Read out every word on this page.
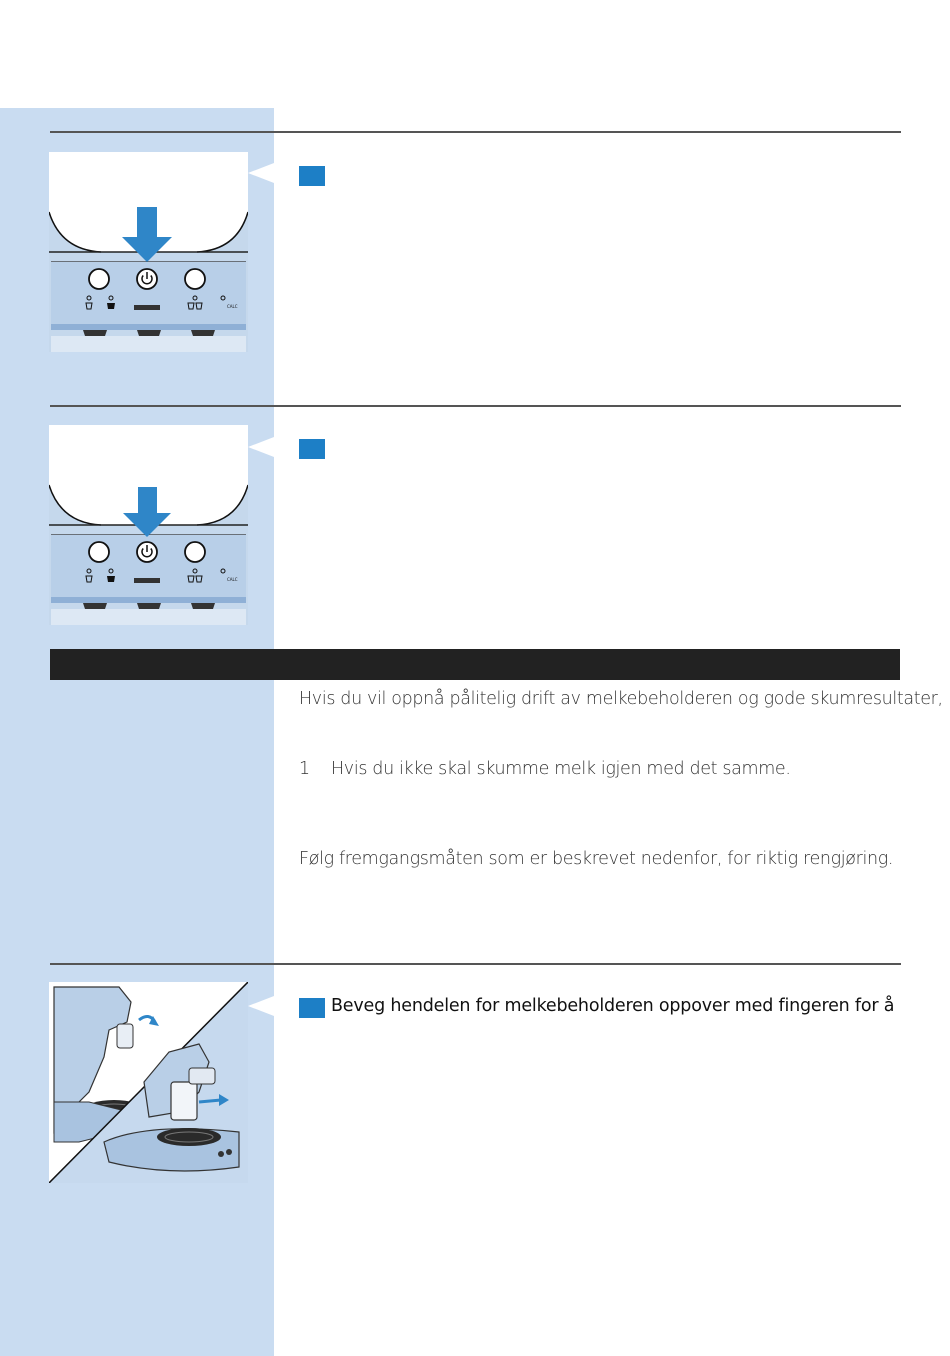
CALC
CALC
Hvis du vil oppnå pålitelig drift av melkebeholderen og gode skumresultater,
1 Hvis du ikke skal skumme melk igjen med det samme.
Følg fremgangsmåten som er beskrevet nedenfor, for riktig rengjøring.
Beveg hendelen for melkebeholderen oppover med fingeren for å
